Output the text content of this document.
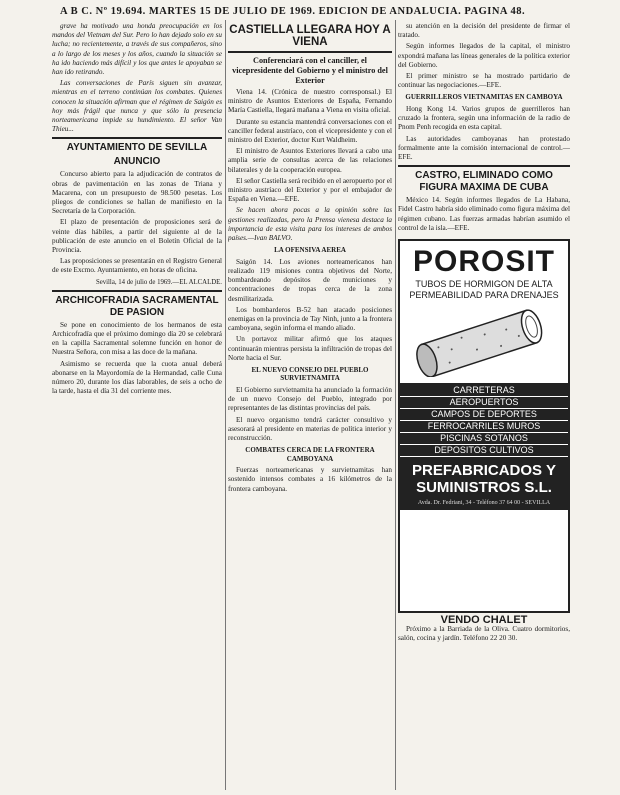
A B C. Nº 19.694. MARTES 15 DE JULIO DE 1969. EDICION DE ANDALUCIA. PAGINA 48.

grave ha motivado una honda preocupación en los mandos del Vietnam del Sur. Pero lo han dejado solo en su lucha; no recientemente, a través de sus compañeros, sino a lo largo de los meses y los años, cuando la situación se ha ido haciendo más difícil y los que antes le apoyaban se han ido retirando.

Las conversaciones de París siguen sin avanzar, mientras en el terreno continúan los combates. Quienes conocen la situación afirman que el régimen de Saigón es hoy más frágil que nunca y que sólo la presencia norteamericana impide su hundimiento. El señor Van Thieu...

AYUNTAMIENTO DE SEVILLA
ANUNCIO

Concurso abierto para la adjudicación de contratos de obras de pavimentación en las zonas de Triana y Macarena, con un presupuesto de 98.500 pesetas. Los pliegos de condiciones se hallan de manifiesto en la Secretaría de la Corporación.

El plazo de presentación de proposiciones será de veinte días hábiles, a partir del siguiente al de la publicación de este anuncio en el Boletín Oficial de la Provincia.

Las proposiciones se presentarán en el Registro General de este Excmo. Ayuntamiento, en horas de oficina.

Sevilla, 14 de julio de 1969.—EL ALCALDE.
ARCHICOFRADIA SACRAMENTAL DE PASION

Se pone en conocimiento de los hermanos de esta Archicofradía que el próximo domingo día 20 se celebrará en la capilla Sacramental solemne función en honor de Nuestra Señora, con misa a las doce de la mañana.

Asimismo se recuerda que la cuota anual deberá abonarse en la Mayordomía de la Hermandad, calle Cuna número 20, durante los días laborables, de seis a ocho de la tarde, hasta el día 31 del corriente mes.

CASTIELLA LLEGARA HOY A VIENA
Conferenciará con el canciller, el vicepresidente del Gobierno y el ministro del Exterior

Viena 14. (Crónica de nuestro corresponsal.) El ministro de Asuntos Exteriores de España, Fernando María Castiella, llegará mañana a Viena en visita oficial.

Durante su estancia mantendrá conversaciones con el canciller federal austríaco, con el vicepresidente y con el ministro del Exterior, doctor Kurt Waldheim.

El ministro de Asuntos Exteriores llevará a cabo una amplia serie de consultas acerca de las relaciones bilaterales y de la cooperación europea.

El señor Castiella será recibido en el aeropuerto por el ministro austríaco del Exterior y por el embajador de España en Viena.—EFE.

Se hacen ahora pocas a la opinión sobre las gestiones realizadas, pero la Prensa vienesa destaca la importancia de esta visita para los intereses de ambos países.—Ivan BALVO.

LA OFENSIVA AEREA

Saigón 14. Los aviones norteamericanos han realizado 119 misiones contra objetivos del Norte, bombardeando depósitos de municiones y concentraciones de tropas cerca de la zona desmilitarizada.

Los bombarderos B-52 han atacado posiciones enemigas en la provincia de Tay Ninh, junto a la frontera camboyana, según informa el mando aliado.

Un portavoz militar afirmó que los ataques continuarán mientras persista la infiltración de tropas del Norte hacia el Sur.

EL NUEVO CONSEJO DEL PUEBLO SURVIETNAMITA

El Gobierno survietnamita ha anunciado la formación de un nuevo Consejo del Pueblo, integrado por representantes de las distintas provincias del país.

El nuevo organismo tendrá carácter consultivo y asesorará al presidente en materias de política interior y reconstrucción.

COMBATES CERCA DE LA FRONTERA CAMBOYANA

Fuerzas norteamericanas y survietnamitas han sostenido intensos combates a 16 kilómetros de la frontera camboyana.

su atención en la decisión del presidente de firmar el tratado.

Según informes llegados de la capital, el ministro expondrá mañana las líneas generales de la política exterior del Gobierno.

El primer ministro se ha mostrado partidario de continuar las negociaciones.—EFE.

GUERRILLEROS VIETNAMITAS EN CAMBOYA

Hong Kong 14. Varios grupos de guerrilleros han cruzado la frontera, según una información de la radio de Pnom Penh recogida en esta capital.

Las autoridades camboyanas han protestado formalmente ante la comisión internacional de control.—EFE.

CASTRO, ELIMINADO COMO FIGURA MAXIMA DE CUBA

México 14. Según informes llegados de La Habana, Fidel Castro habría sido eliminado como figura máxima del régimen cubano. Las fuerzas armadas habrían asumido el control de la isla.—EFE.

POROSIT
TUBOS DE HORMIGON DE ALTA PERMEABILIDAD PARA DRENAJES
CARRETERAS
AEROPUERTOS
CAMPOS DE DEPORTES
FERROCARRILES MUROS
PISCINAS SOTANOS
DEPOSITOS CULTIVOS
PREFABRICADOS Y SUMINISTROS S.L.
Avda. Dr. Fedriani, 34 - Teléfono 37 64 00 - SEVILLA
VENDO CHALET

Próximo a la Barriada de la Oliva. Cuatro dormitorios, salón, cocina y jardín. Teléfono 22 20 30.
